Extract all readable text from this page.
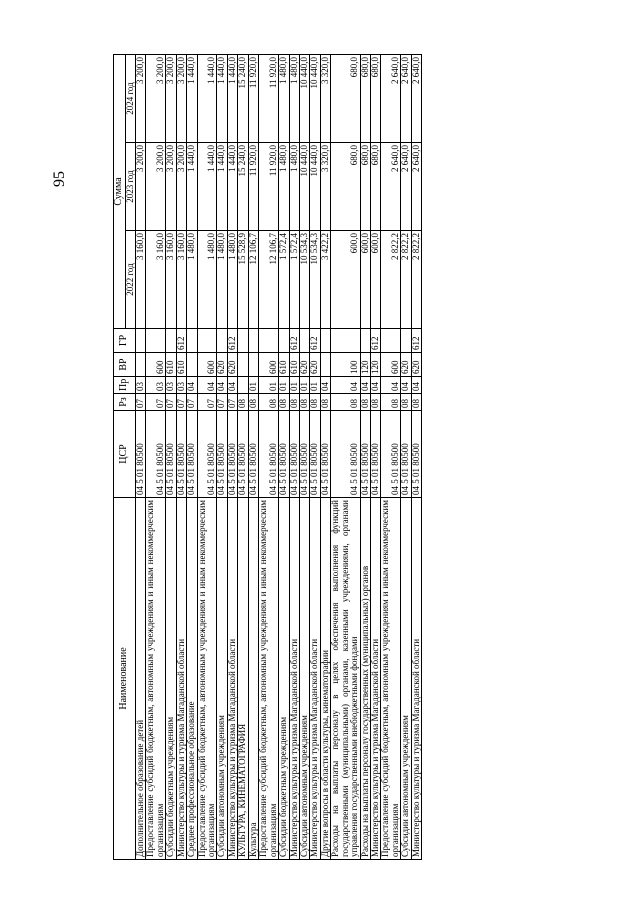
95
Наименование	ЦСР	Рз	Пр	ВР	ГР	Сумма		
						2022 год	2023 год	2024 год
Дополнительное образование детей	04 5 01 80500	07	03			3 160,0	3 200,0	3 200,0
Предоставление субсидий бюджетным, автономным учреждениям и иным некоммерческим организациям	04 5 01 80500	07	03	600		3 160,0	3 200,0	3 200,0
Субсидии бюджетным учреждениям	04 5 01 80500	07	03	610		3 160,0	3 200,0	3 200,0
Министерство культуры и туризма Магаданской области	04 5 01 80500	07	03	610	612	3 160,0	3 200,0	3 200,0
Среднее профессиональное образование	04 5 01 80500	07	04			1 480,0	1 440,0	1 440,0
Предоставление субсидий бюджетным, автономным учреждениям и иным некоммерческим организациям	04 5 01 80500	07	04	600		1 480,0	1 440,0	1 440,0
Субсидии автономным учреждениям	04 5 01 80500	07	04	620		1 480,0	1 440,0	1 440,0
Министерство культуры и туризма Магаданской области	04 5 01 80500	07	04	620	612	1 480,0	1 440,0	1 440,0
КУЛЬТУРА, КИНЕМАТОГРАФИЯ	04 5 01 80500	08				15 528,9	15 240,0	15 240,0
Культура	04 5 01 80500	08	01			12 106,7	11 920,0	11 920,0
Предоставление субсидий бюджетным, автономным учреждениям и иным некоммерческим организациям	04 5 01 80500	08	01	600		12 106,7	11 920,0	11 920,0
Субсидии бюджетным учреждениям	04 5 01 80500	08	01	610		1 572,4	1 480,0	1 480,0
Министерство культуры и туризма Магаданской области	04 5 01 80500	08	01	610	612	1 572,4	1 480,0	1 480,0
Субсидии автономным учреждениям	04 5 01 80500	08	01	620		10 534,3	10 440,0	10 440,0
Министерство культуры и туризма Магаданской области	04 5 01 80500	08	01	620	612	10 534,3	10 440,0	10 440,0
Другие вопросы в области культуры, кинематографии	04 5 01 80500	08	04			3 422,2	3 320,0	3 320,0
Расходы на выплаты персоналу в целях обеспечения выполнения функций государственными (муниципальными) органами, казенными учреждениями, органами управления государственными внебюджетными фондами	04 5 01 80500	08	04	100		600,0	680,0	680,0
Расходы на выплаты персоналу государственных (муниципальных) органов	04 5 01 80500	08	04	120		600,0	680,0	680,0
Министерство культуры и туризма Магаданской области	04 5 01 80500	08	04	120	612	600,0	680,0	680,0
Предоставление субсидий бюджетным, автономным учреждениям и иным некоммерческим организациям	04 5 01 80500	08	04	600		2 822,2	2 640,0	2 640,0
Субсидии автономным учреждениям	04 5 01 80500	08	04	620		2 822,2	2 640,0	2 640,0
Министерство культуры и туризма Магаданской области	04 5 01 80500	08	04	620	612	2 822,2	2 640,0	2 640,0
